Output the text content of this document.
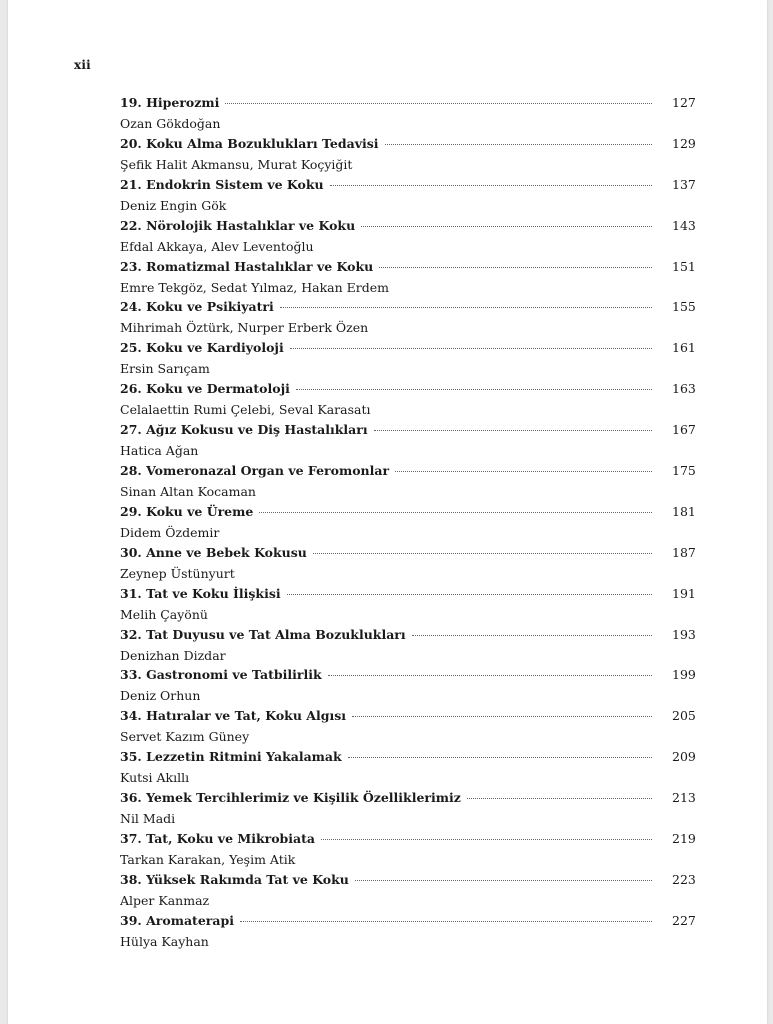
xii
19. Hiperozmi	127
Ozan Gökdoğan
20. Koku Alma Bozuklukları Tedavisi	129
Şefik Halit Akmansu, Murat Koçyiğit
21. Endokrin Sistem ve Koku	137
Deniz Engin Gök
22. Nörolojik Hastalıklar ve Koku	143
Efdal Akkaya, Alev Leventoğlu
23. Romatizmal Hastalıklar ve Koku	151
Emre Tekgöz, Sedat Yılmaz, Hakan Erdem
24. Koku ve Psikiyatri	155
Mihrimah Öztürk, Nurper Erberk Özen
25. Koku ve Kardiyoloji	161
Ersin Sarıçam
26. Koku ve Dermatoloji	163
Celalaettin Rumi Çelebi, Seval Karasatı
27. Ağız Kokusu ve Diş Hastalıkları	167
Hatica Ağan
28. Vomeronazal Organ ve Feromonlar	175
Sinan Altan Kocaman
29. Koku ve Üreme	181
Didem Özdemir
30. Anne ve Bebek Kokusu	187
Zeynep Üstünyurt
31. Tat ve Koku İlişkisi	191
Melih Çayönü
32. Tat Duyusu ve Tat Alma Bozuklukları	193
Denizhan Dizdar
33. Gastronomi ve Tatbilirlik	199
Deniz Orhun
34. Hatıralar ve Tat, Koku Algısı	205
Servet Kazım Güney
35. Lezzetin Ritmini Yakalamak	209
Kutsi Akıllı
36. Yemek Tercihlerimiz ve Kişilik Özelliklerimiz	213
Nil Madi
37. Tat, Koku ve Mikrobiata	219
Tarkan Karakan, Yeşim Atik
38. Yüksek Rakımda Tat ve Koku	223
Alper Kanmaz
39. Aromaterapi	227
Hülya Kayhan
